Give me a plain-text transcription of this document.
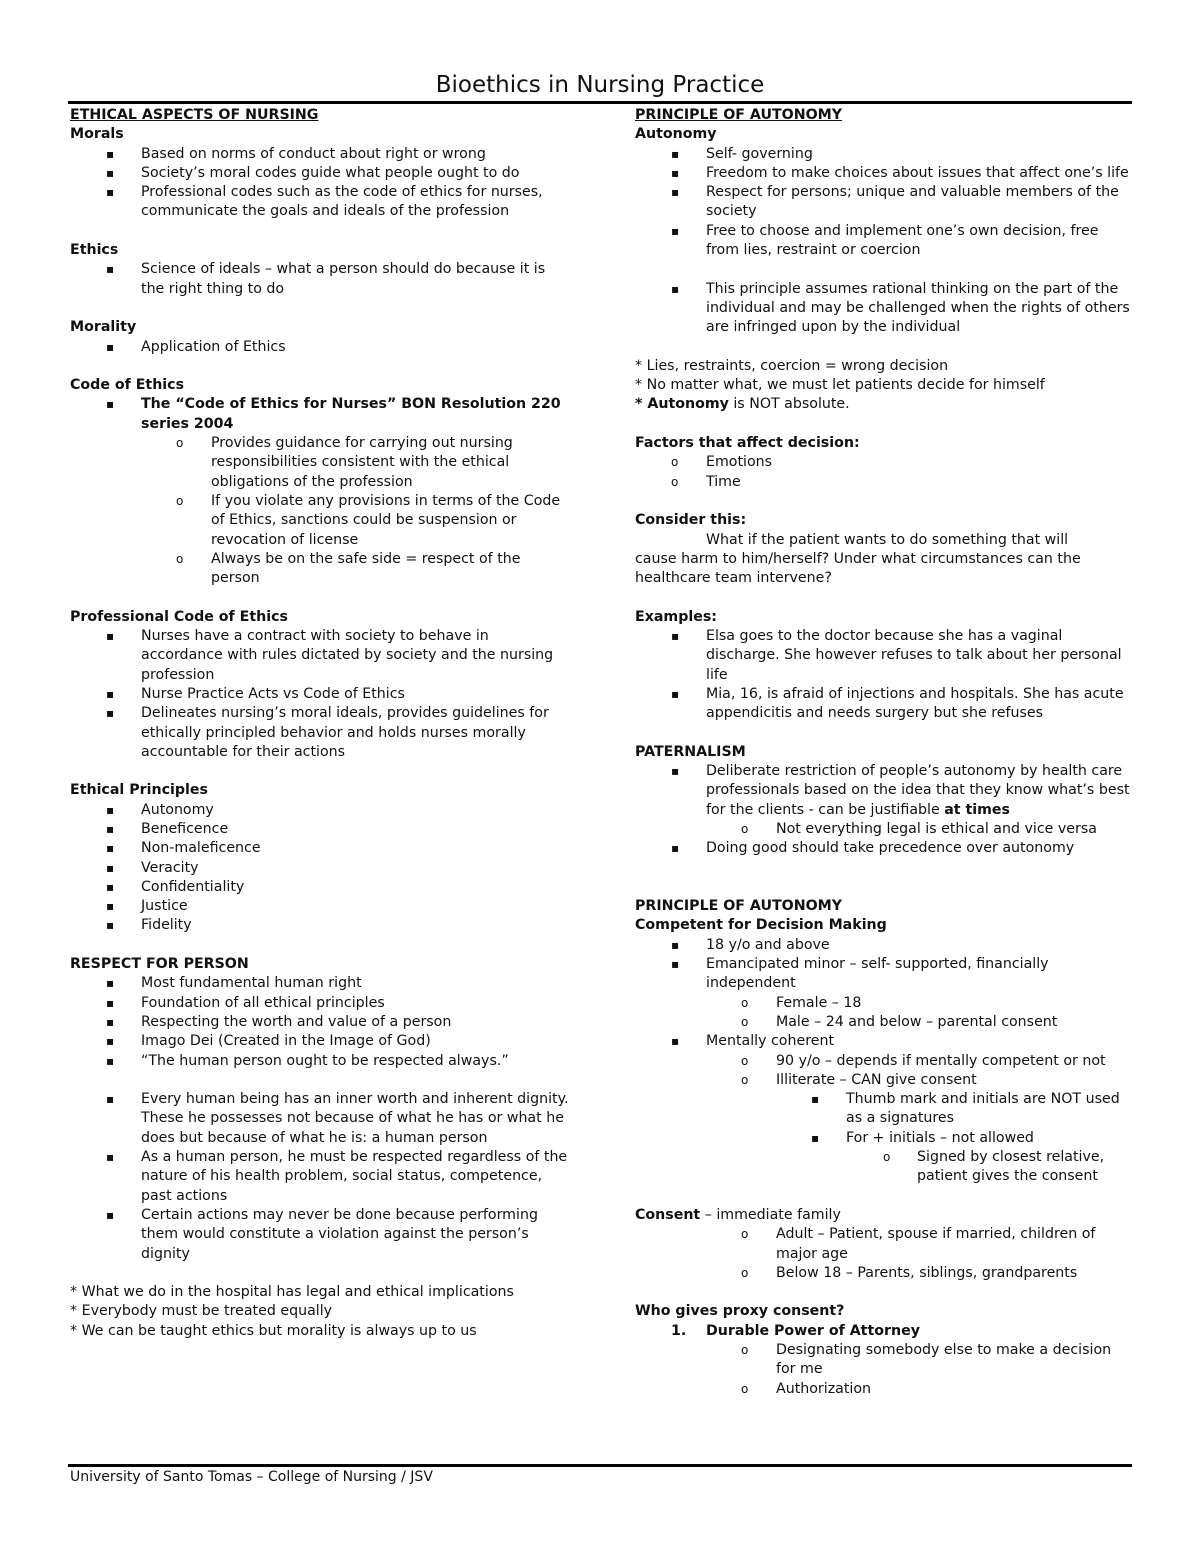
Bioethics in Nursing Practice
ETHICAL ASPECTS OF NURSING
Morals
▪ Based on norms of conduct about right or wrong
▪ Society’s moral codes guide what people ought to do
▪ Professional codes such as the code of ethics for nurses, communicate the goals and ideals of the profession
Ethics
▪ Science of ideals – what a person should do because it is the right thing to do
Morality
▪ Application of Ethics
Code of Ethics
▪ The “Code of Ethics for Nurses” BON Resolution 220 series 2004
o Provides guidance for carrying out nursing responsibilities consistent with the ethical obligations of the profession
o If you violate any provisions in terms of the Code of Ethics, sanctions could be suspension or revocation of license
o Always be on the safe side = respect of the person
Professional Code of Ethics
▪ Nurses have a contract with society to behave in accordance with rules dictated by society and the nursing profession
▪ Nurse Practice Acts vs Code of Ethics
▪ Delineates nursing’s moral ideals, provides guidelines for ethically principled behavior and holds nurses morally accountable for their actions
Ethical Principles
▪ Autonomy
▪ Beneficence
▪ Non-maleficence
▪ Veracity
▪ Confidentiality
▪ Justice
▪ Fidelity
RESPECT FOR PERSON
▪ Most fundamental human right
▪ Foundation of all ethical principles
▪ Respecting the worth and value of a person
▪ Imago Dei (Created in the Image of God)
▪ “The human person ought to be respected always.”
▪ Every human being has an inner worth and inherent dignity. These he possesses not because of what he has or what he does but because of what he is: a human person
▪ As a human person, he must be respected regardless of the nature of his health problem, social status, competence, past actions
▪ Certain actions may never be done because performing them would constitute a violation against the person’s dignity
* What we do in the hospital has legal and ethical implications
* Everybody must be treated equally
* We can be taught ethics but morality is always up to us
PRINCIPLE OF AUTONOMY
Autonomy
▪ Self- governing
▪ Freedom to make choices about issues that affect one’s life
▪ Respect for persons; unique and valuable members of the society
▪ Free to choose and implement one’s own decision, free from lies, restraint or coercion
▪ This principle assumes rational thinking on the part of the individual and may be challenged when the rights of others are infringed upon by the individual
* Lies, restraints, coercion = wrong decision
* No matter what, we must let patients decide for himself
* Autonomy is NOT absolute.
Factors that affect decision:
o Emotions
o Time
Consider this:
What if the patient wants to do something that will
cause harm to him/herself? Under what circumstances can the healthcare team intervene?
Examples:
▪ Elsa goes to the doctor because she has a vaginal discharge. She however refuses to talk about her personal life
▪ Mia, 16, is afraid of injections and hospitals. She has acute appendicitis and needs surgery but she refuses
PATERNALISM
▪ Deliberate restriction of people’s autonomy by health care professionals based on the idea that they know what’s best for the clients - can be justifiable at times
o Not everything legal is ethical and vice versa
▪ Doing good should take precedence over autonomy
PRINCIPLE OF AUTONOMY
Competent for Decision Making
▪ 18 y/o and above
▪ Emancipated minor – self- supported, financially independent
o Female – 18
o Male – 24 and below – parental consent
▪ Mentally coherent
o 90 y/o – depends if mentally competent or not
o Illiterate – CAN give consent
▪ Thumb mark and initials are NOT used as a signatures
▪ For + initials – not allowed
o Signed by closest relative, patient gives the consent
Consent – immediate family
o Adult – Patient, spouse if married, children of major age
o Below 18 – Parents, siblings, grandparents
Who gives proxy consent?
1. Durable Power of Attorney
o Designating somebody else to make a decision for me
o Authorization
University of Santo Tomas – College of Nursing / JSV
